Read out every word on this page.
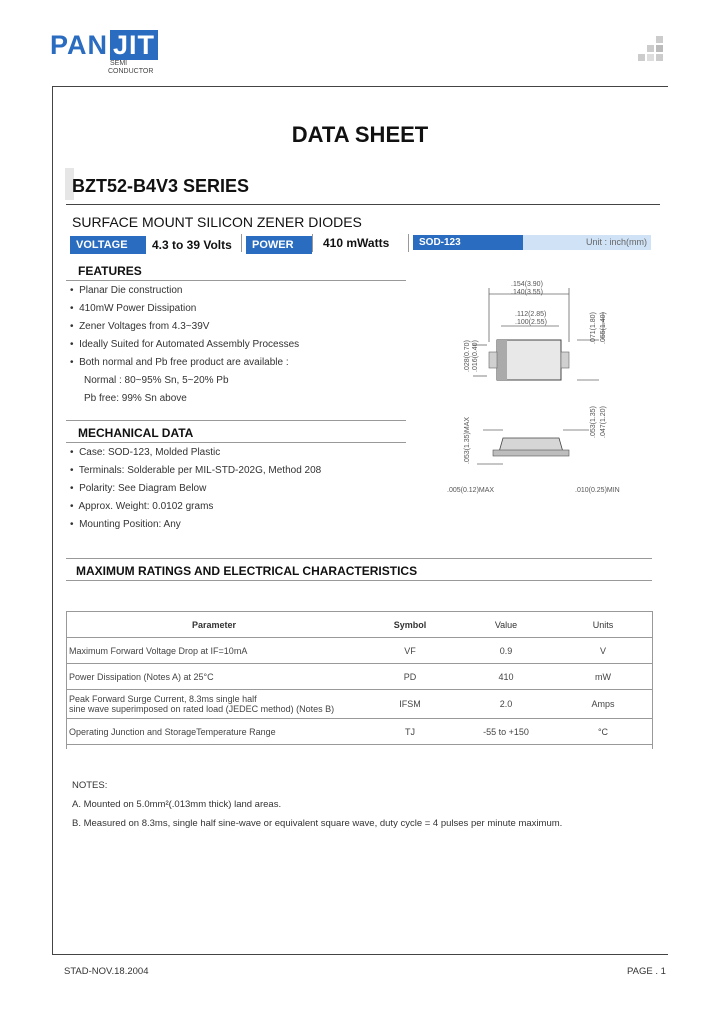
PAN JIT
SEMI
CONDUCTOR
DATA SHEET
BZT52-B4V3 SERIES
SURFACE MOUNT SILICON ZENER DIODES
VOLTAGE	4.3 to 39 Volts	POWER	410 mWatts	SOD-123	Unit : inch(mm)
FEATURES
•  Planar Die construction
•  410mW Power Dissipation
•  Zener Voltages from 4.3~39V
•  Ideally Suited for Automated Assembly Processes
•  Both normal and Pb free product are available :
Normal : 80~95% Sn, 5~20% Pb
Pb free: 99% Sn above
MECHANICAL DATA
•  Case: SOD-123, Molded Plastic
•  Terminals: Solderable per MIL-STD-202G, Method 208
•  Polarity: See Diagram Below
•  Approx. Weight: 0.0102 grams
•  Mounting Position: Any
.154(3.90)
.140(3.55)
.112(2.85)
.100(2.55)
.028(0.70) .016(0.40)
.071(1.80) .055(1.40)
.053(1.35)MAX	.053(1.35) .047(1.20)
.005(0.12)MAX	.010(0.25)MIN
MAXIMUM RATINGS AND ELECTRICAL CHARACTERISTICS
Parameter	Symbol	Value	Units
Maximum Forward Voltage Drop at IF=10mA	VF	0.9	V
Power Dissipation (Notes A) at 25°C	PD	410	mW

Peak Forward Surge Current, 8.3ms single half
sine wave superimposed on rated load (JEDEC method) (Notes B)	IFSM	2.0	Amps
Operating Junction and StorageTemperature Range	TJ	-55 to +150	°C

NOTES:
A. Mounted on 5.0mm²(.013mm thick) land areas.
B. Measured on 8.3ms, single half sine-wave or equivalent square wave, duty cycle = 4 pulses per minute maximum.
STAD-NOV.18.2004	PAGE . 1
